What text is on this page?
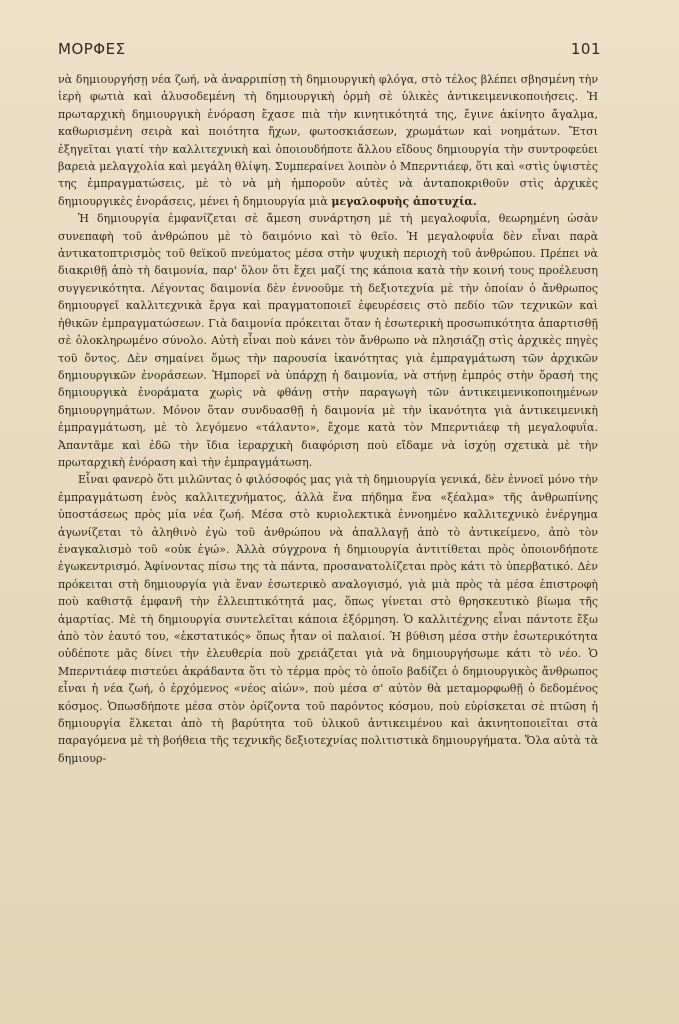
ΜΟΡΦΕΣ	101

νὰ δημιουργήσῃ νέα ζωή, νὰ ἀναρριπίσῃ τὴ δημιουργικὴ φλόγα, στὸ τέλος βλέπει σβησμένη τὴν ἱερὴ φωτιὰ καὶ ἀλυσοδεμένη τὴ δημιουργικὴ ὁρμὴ σὲ ὑλικὲς ἀντικειμενικοποιήσεις. Ἡ πρωταρχικὴ δημιουργικὴ ἐνόραση ἔχασε πιὰ τὴν κινητικότητά της, ἔγινε ἀκίνητο ἄγαλμα, καθωρισμένη σειρὰ καὶ ποιότητα ἤχων, φωτοσκιάσεων, χρωμάτων καὶ νοημάτων. Ἔτσι ἐξηγεῖται γιατί τὴν καλλιτεχνικὴ καὶ ὁποιουδήποτε ἄλλου εἴδους δημιουργία τὴν συντροφεύει βαρειὰ μελαγχολία καὶ μεγάλη θλίψη. Συμπεραίνει λοιπὸν ὁ Μπερντιάεφ, ὅτι καὶ «στὶς ὑψιστὲς της ἐμπραγματώσεις, μὲ τὸ νὰ μὴ ἠμποροῦν αὐτὲς νὰ ἀνταποκριθοῦν στὶς ἀρχικὲς δημιουργικὲς ἐνοράσεις, μένει ἡ δημιουργία μιὰ μεγαλοφυὴς ἀποτυχία.

Ἡ δημιουργία ἐμφανίζεται σὲ ἄμεση συνάρτηση μὲ τὴ μεγαλοφυΐα, θεωρημένη ὡσὰν συνεπαφὴ τοῦ ἀνθρώπου μὲ τὸ δαιμόνιο καὶ τὸ θεῖο. Ἡ μεγαλοφυΐα δὲν εἶναι παρὰ ἀντικατοπτρισμὸς τοῦ θεϊκοῦ πνεύματος μέσα στὴν ψυχικὴ περιοχὴ τοῦ ἀνθρώπου. Πρέπει νὰ διακριθῇ ἀπὸ τὴ δαιμονία, παρ' ὅλον ὅτι ἔχει μαζί της κάποια κατὰ τὴν κοινή τους προέλευση συγγενικότητα. Λέγοντας δαιμονία δὲν ἐννοοῦμε τὴ δεξιοτεχνία μὲ τὴν ὁποίαν ὁ ἄνθρωπος δημιουργεῖ καλλιτεχνικὰ ἔργα καὶ πραγματοποιεῖ ἐφευρέσεις στὸ πεδίο τῶν τεχνικῶν καὶ ἠθικῶν ἐμπραγματώσεων. Γιὰ δαιμονία πρόκειται ὅταν ἡ ἐσωτερικὴ προσωπικότητα ἀπαρτισθῇ σὲ ὁλοκληρωμένο σύνολο. Αὐτὴ εἶναι ποὺ κάνει τὸν ἄνθρωπο νὰ πλησιάζῃ στὶς ἀρχικὲς πηγὲς τοῦ ὄντος. Δὲν σημαίνει ὅμως τὴν παρουσία ἱκανότητας γιὰ ἐμπραγμάτωση τῶν ἀρχικῶν δημιουργικῶν ἐνοράσεων. Ἠμπορεῖ νὰ ὑπάρχῃ ἡ δαιμονία, νὰ στήνῃ ἐμπρός στὴν ὅρασή της δημιουργικὰ ἐνοράματα χωρὶς νὰ φθάνῃ στὴν παραγωγὴ τῶν ἀντικειμενικοποιημένων δημιουργημάτων. Μόνον ὅταν συνδυασθῇ ἡ δαιμονία μὲ τὴν ἱκανότητα γιὰ ἀντικειμενικὴ ἐμπραγμάτωση, μὲ τὸ λεγόμενο «τάλαντο», ἔχομε κατὰ τὸν Μπερντιάεφ τὴ μεγαλοφυΐα. Ἀπαντᾶμε καὶ ἐδῶ τὴν ἴδια ἱεραρχικὴ διαφόριση ποὺ εἴδαμε νὰ ἰσχύῃ σχετικὰ μὲ τὴν πρωταρχικὴ ἐνόραση καὶ τὴν ἐμπραγμάτωση.

Εἶναι φανερὸ ὅτι μιλῶντας ὁ φιλόσοφός μας γιὰ τὴ δημιουργία γενικά, δὲν ἐννοεῖ μόνο τὴν ἐμπραγμάτωση ἑνὸς καλλιτεχνήματος, ἀλλὰ ἕνα πήδημα ἕνα «ξέαλμα» τῆς ἀνθρωπίνης ὑποστάσεως πρὸς μία νέα ζωή. Μέσα στὸ κυριολεκτικὰ ἐννοημένο καλλιτεχνικὸ ἐνέργημα ἀγωνίζεται τὸ ἀληθινὸ ἐγὼ τοῦ ἀνθρώπου νὰ ἀπαλλαγῇ ἀπὸ τὸ ἀντικείμενο, ἀπὸ τὸν ἐναγκαλισμὸ τοῦ «οὐκ ἐγώ». Ἀλλὰ σύγχρονα ἡ δημιουργία ἀντιτίθεται πρὸς ὁποιονδήποτε ἐγωκεντρισμό. Ἀφίνοντας πίσω της τὰ πάντα, προσανατολίζεται πρὸς κάτι τὸ ὑπερβατικό. Δὲν πρόκειται στὴ δημιουργία γιὰ ἕναν ἐσωτερικὸ αναλογισμό, γιὰ μιὰ πρὸς τὰ μέσα ἐπιστροφὴ ποὺ καθιστᾷ ἐμφανῆ τὴν ἐλλειπτικότητά μας, ὅπως γίνεται στὸ θρησκευτικὸ βίωμα τῆς ἁμαρτίας. Μὲ τὴ δημιουργία συντελεῖται κάποια ἐξόρμηση. Ὁ καλλιτέχνης εἶναι πάντοτε ἔξω ἀπὸ τὸν ἑαυτό του, «ἐκστατικός» ὅπως ἦταν οἱ παλαιοί. Ἡ βύθιση μέσα στὴν ἐσωτερικότητα οὐδέποτε μᾶς δίνει τὴν ἐλευθερία ποὺ χρειάζεται γιὰ νὰ δημιουργήσωμε κάτι τὸ νέο. Ὁ Μπερντιάεφ πιστεύει ἀκράδαντα ὅτι τὸ τέρμα πρὸς τὸ ὁποῖο βαδίζει ὁ δημιουργικὸς ἄνθρωπος εἶναι ἡ νέα ζωή, ὁ ἐρχόμενος «νέος αἰών», ποὺ μέσα σ' αὐτὸν θὰ μεταμορφωθῇ ὁ δεδομένος κόσμος. Ὁπωσδήποτε μέσα στὸν ὁρίζοντα τοῦ παρόντος κόσμου, ποὺ εὑρίσκεται σὲ πτῶση ἡ δημιουργία ἕλκεται ἀπὸ τὴ βαρύτητα τοῦ ὑλικοῦ ἀντικειμένου καὶ ἀκινητοποιεῖται στὰ παραγόμενα μὲ τὴ βοήθεια τῆς τεχνικῆς δεξιοτεχνίας πολιτιστικὰ δημιουργήματα. Ὅλα αὐτὰ τὰ δημιουρ-
